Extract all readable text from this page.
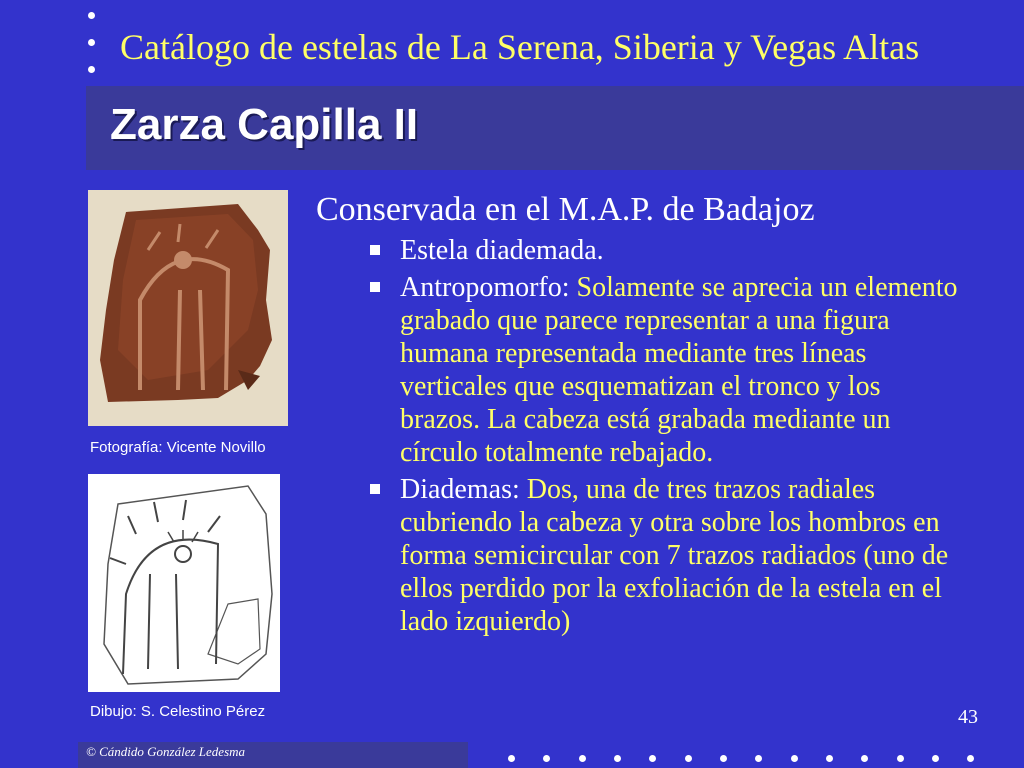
Catálogo de estelas de La Serena, Siberia y Vegas Altas
Zarza Capilla II
Fotografía: Vicente Novillo
Dibujo: S. Celestino Pérez
Conservada en el M.A.P. de Badajoz
Estela diademada.
Antropomorfo: Solamente se aprecia un elemento grabado que parece representar a una figura humana representada mediante tres líneas verticales que esquematizan el tronco y los brazos. La cabeza está grabada mediante un círculo totalmente rebajado.
Diademas: Dos, una de tres trazos radiales cubriendo la cabeza y otra sobre los hombros en forma semicircular con 7 trazos radiados (uno de ellos perdido por la exfoliación de la estela en el lado izquierdo)
43
© Cándido González Ledesma
